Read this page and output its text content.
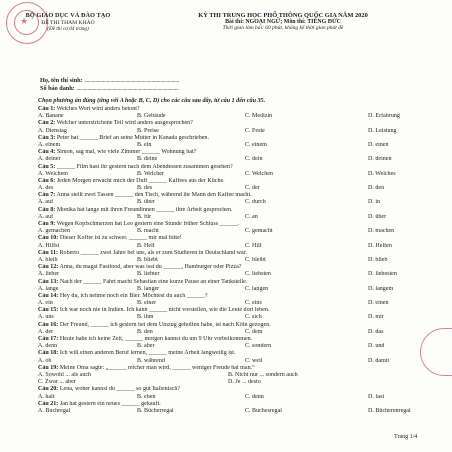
★
BỘ GIÁO DỤC VÀ ĐÀO TẠO
ĐỀ THI THAM KHẢO
(Đề thi có 04 trang)
KỲ THI TRUNG HỌC PHỔ THÔNG QUỐC GIA NĂM 2020
Bài thi: NGOẠI NGỮ; Môn thi: TIẾNG ĐỨC
Thời gian làm bài: 60 phút, không kể thời gian phát đề
Họ, tên thí sinh: ............................................................................
Số báo danh: ..................................................................................
Chọn phương án đúng (ứng với A hoặc B, C, D) cho các câu sau đây, từ câu 1 đến câu 35.
Câu 1: Welches Wort wird anders betont?
A. Banane	B. Gebäude	C. Medizin	D. Erfahrung
Câu 2: Welcher unterstrichene Teil wird anders ausgesprochen?
A. Dienstag	B. Preise	C. Feste	D. Leistung
Câu 3: Peter hat ______ Brief an seine Mutter in Kanada geschrieben.
A. einem	B. ein	C. einem	D. einen
Câu 4: Simon, sag mal, wie viele Zimmer ______ Wohnung hat?
A. deiner	B. deine	C. dein	D. deinen
Câu 5: ______ Film hast ihr gestern nach dem Abendessen zusammen gesehen?
A. Welchem	B. Welcher	C. Welchen	D. Welches
Câu 6: Jeden Morgen erwacht mich der Duft ______ Kaffees aus der Küche.
A. des	B. des	C. der	D. den
Câu 7: Anna stellt zwei Tassen ______ den Tisch, während ihr Mann den Kaffee macht.
A. auf	B. über	C. durch	D. in
Câu 8: Monika hat lange mit ihren Freundinnen ______ ihre Arbeit gesprochen.
A. auf	B. für	C. an	D. über
Câu 9: Wegen Kopfschmerzen hat Leo gestern eine Stunde früher Schluss ______.
A. gemachen	B. macht	C. gemacht	D. machen
Câu 10: Dieser Koffer ist zu schwer. ______ mir mal bitte!
A. Hilfst	B. Helf	C. Hilf	D. Helfen
Câu 11: Roberto ______ zwei Jahre bei uns, als er zum Studieren in Deutschland war.
A. bleib	B. bliebt	C. bleibt	D. blieb
Câu 12: Anna, du magst Fastfood, aber was isst du ______, Hamburger oder Pizza?
A. lieber	B. liebter	C. liebsten	D. liebesten
Câu 13: Nach der ______ Fahrt macht Sebastian eine kurze Pause an einer Tankstelle.
A. lange	B. langer	C. langen	D. langem
Câu 14: Hey du, ich nehme noch ein Bier. Möchtest du auch ______?
A. ein	B. einer	C. eins	D. einen
Câu 15: Ich war noch nie in Indien. Ich kann ______ nicht vorstellen, wie die Leute dort leben.
A. uns	B. ihm	C. sich	D. mir
Câu 16: Der Freund, ______ ich gestern bei dem Umzug geholfen habe, ist nach Köln gezogen.
A. der	B. den	C. dem	D. das
Câu 17: Heute habe ich keine Zeit, ______ morgen kannst du um 9 Uhr vorbeikommen.
A. denn	B. aber	C. sondern	D. und
Câu 18: Ich will einen anderen Beruf lernen, ______ meine Arbeit langweilig ist.
A. ob	B. während	C. weil	D. damit
Câu 19: Meine Oma sagte: „______ reicher man wird, ______ weniger Freude hat man.“
A. Sowohl ... als auch	B. Nicht nur ... sondern auch
C. Zwar ... aber	D. Je ... desto
Câu 20: Lena, woher kannst du ______ so gut Italienisch?
A. halt	B. eben	C. denn	D. fast
Câu 21: Jan hat gestern ein neues ______ gekauft.
A. Buchregal	B. Bücherregal	C. Buchesregal	D. Bücherenregal
Trang 1/4
